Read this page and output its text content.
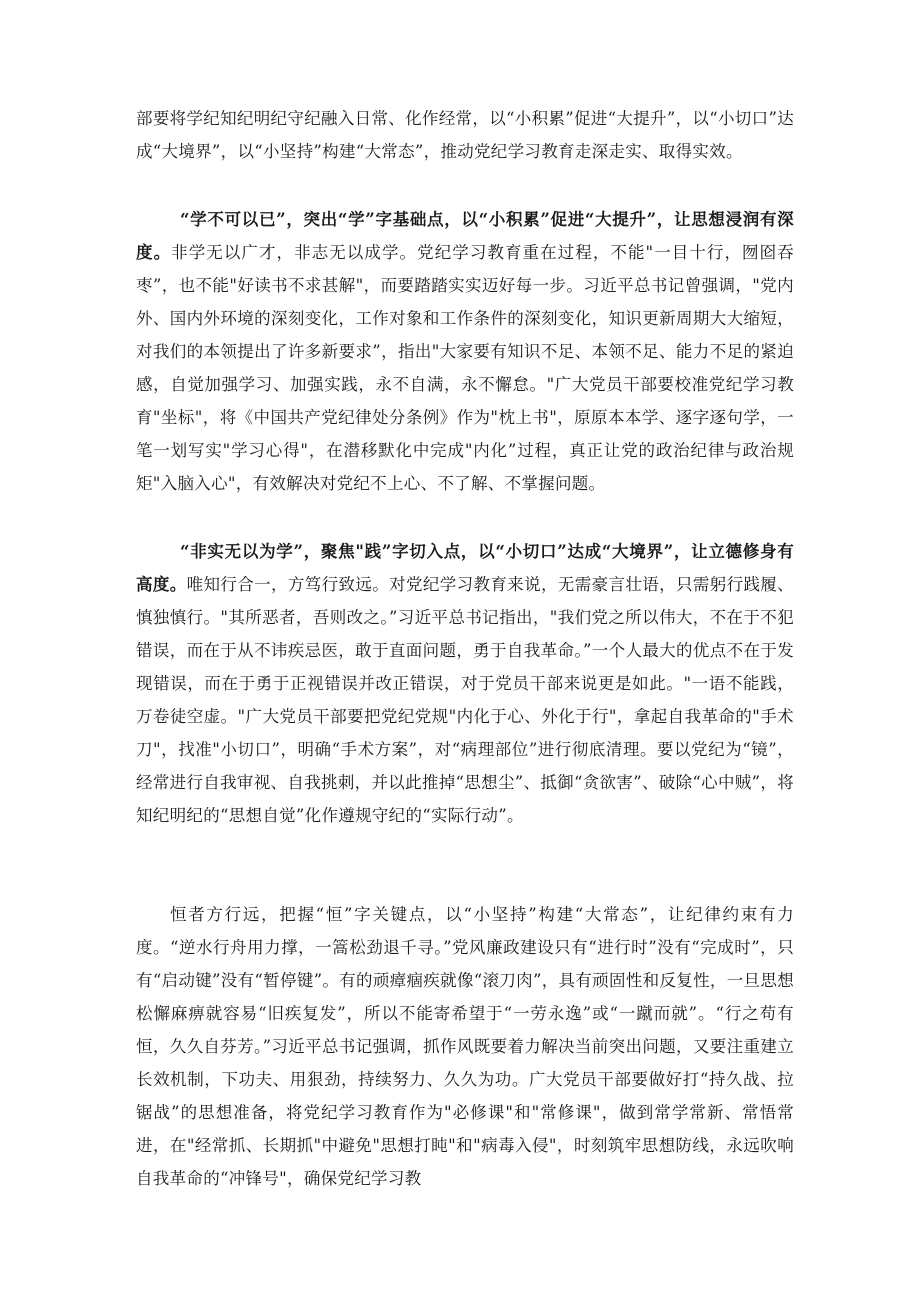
部要将学纪知纪明纪守纪融入日常、化作经常，以“小积累”促进“大提升”，以“小切口”达成“大境界”，以“小坚持”构建“大常态”，推动党纪学习教育走深走实、取得实效。

“学不可以已”，突出“学”字基础点，以“小积累”促进“大提升”，让思想浸润有深度。非学无以广才，非志无以成学。党纪学习教育重在过程，不能"一目十行，囫囵吞枣”，也不能"好读书不求甚解"，而要踏踏实实迈好每一步。习近平总书记曾强调，"党内外、国内外环境的深刻变化，工作对象和工作条件的深刻变化，知识更新周期大大缩短，对我们的本领提出了许多新要求”，指出"大家要有知识不足、本领不足、能力不足的紧迫感，自觉加强学习、加强实践，永不自满，永不懈怠。"广大党员干部要校准党纪学习教育"坐标"，将《中国共产党纪律处分条例》作为"枕上书"，原原本本学、逐字逐句学，一笔一划写实"学习心得"，在潜移默化中完成"内化”过程，真正让党的政治纪律与政治规矩"入脑入心"，有效解决对党纪不上心、不了解、不掌握问题。

“非实无以为学”，聚焦"践”字切入点，以“小切口”达成“大境界”，让立德修身有高度。唯知行合一，方笃行致远。对党纪学习教育来说，无需豪言壮语，只需躬行践履、慎独慎行。"其所恶者，吾则改之。”习近平总书记指出，"我们党之所以伟大，不在于不犯错误，而在于从不讳疾忌医，敢于直面问题，勇于自我革命。”一个人最大的优点不在于发现错误，而在于勇于正视错误并改正错误，对于党员干部来说更是如此。"一语不能践，万卷徒空虚。"广大党员干部要把党纪党规"内化于心、外化于行"，拿起自我革命的"手术刀"，找准"小切口”，明确“手术方案”，对“病理部位”进行彻底清理。要以党纪为“镜”，经常进行自我审视、自我挑刺，并以此推掉“思想尘”、抵御“贪欲害”、破除“心中贼”，将知纪明纪的“思想自觉”化作遵规守纪的“实际行动”。

恒者方行远，把握“恒”字关键点，以“小坚持”构建“大常态”，让纪律约束有力度。“逆水行舟用力撑，一篙松劲退千寻。”党风廉政建设只有“进行时”没有“完成时”，只有“启动键”没有“暂停键”。有的顽瘴痼疾就像“滚刀肉”，具有顽固性和反复性，一旦思想松懈麻痹就容易“旧疾复发”，所以不能寄希望于“一劳永逸”或“一蹴而就”。“行之苟有恒，久久自芬芳。”习近平总书记强调，抓作风既要着力解决当前突出问题，又要注重建立长效机制，下功夫、用狠劲，持续努力、久久为功。广大党员干部要做好打“持久战、拉锯战”的思想准备，将党纪学习教育作为"必修课"和"常修课"，做到常学常新、常悟常进，在"经常抓、长期抓"中避免"思想打盹"和"病毒入侵"，时刻筑牢思想防线，永远吹响自我革命的“冲锋号"，确保党纪学习教
